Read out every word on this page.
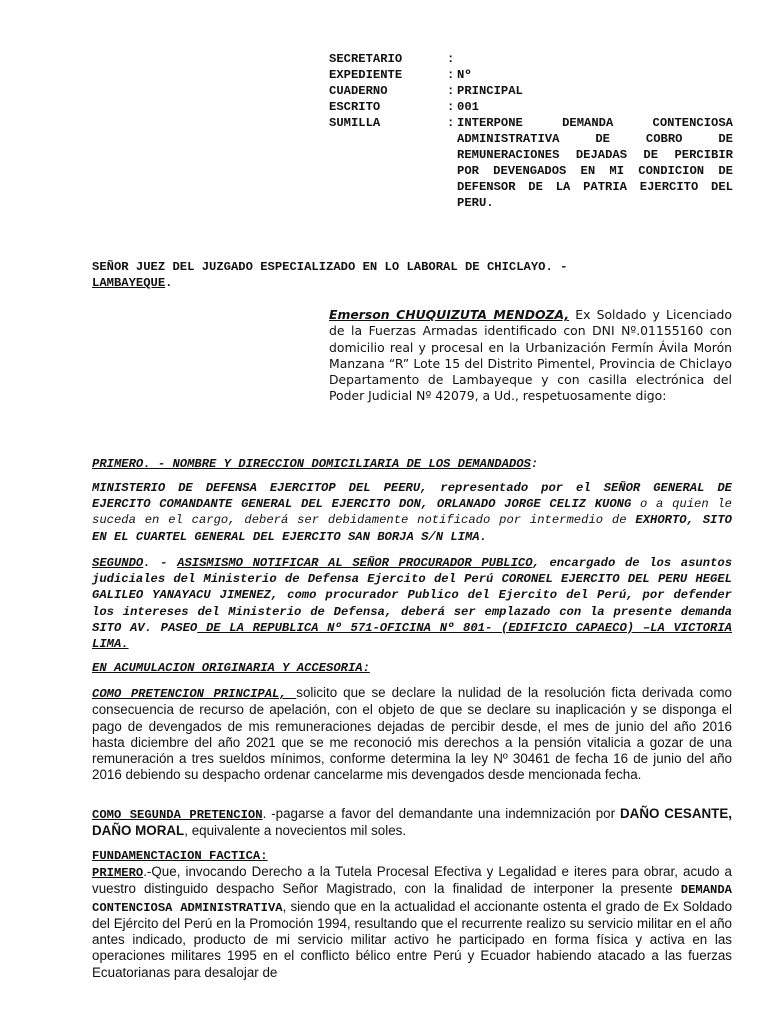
SECRETARIO	:
EXPEDIENTE	: Nº
CUADERNO	: PRINCIPAL
ESCRITO	: 001
SUMILLA	: INTERPONE DEMANDA CONTENCIOSA ADMINISTRATIVA DE COBRO DE REMUNERACIONES DEJADAS DE PERCIBIR POR DEVENGADOS EN MI CONDICION DE DEFENSOR DE LA PATRIA EJERCITO DEL PERU.

SEÑOR JUEZ DEL JUZGADO ESPECIALIZADO EN LO LABORAL DE CHICLAYO. -
LAMBAYEQUE.

Emerson CHUQUIZUTA MENDOZA, Ex Soldado y Licenciado de la Fuerzas Armadas identificado con DNI Nº.01155160 con domicilio real y procesal en la Urbanización Fermín Ávila Morón Manzana “R” Lote 15 del Distrito Pimentel, Provincia de Chiclayo Departamento de Lambayeque y con casilla electrónica del Poder Judicial Nº 42079, a Ud., respetuosamente digo:

PRIMERO. - NOMBRE Y DIRECCION DOMICILIARIA DE LOS DEMANDADOS:

MINISTERIO DE DEFENSA EJERCITOP DEL PEERU, representado por el SEÑOR GENERAL DE EJERCITO COMANDANTE GENERAL DEL EJERCITO DON, ORLANADO JORGE CELIZ KUONG o a quien le suceda en el cargo, deberá ser debidamente notificado por intermedio de EXHORTO, SITO EN EL CUARTEL GENERAL DEL EJERCITO SAN BORJA S/N LIMA.

SEGUNDO. - ASISMISMO NOTIFICAR AL SEÑOR PROCURADOR PUBLICO, encargado de los asuntos judiciales del Ministerio de Defensa Ejercito del Perú CORONEL EJERCITO DEL PERU HEGEL GALILEO YANAYACU JIMENEZ, como procurador Publico del Ejercito del Perú, por defender los intereses del Ministerio de Defensa, deberá ser emplazado con la presente demanda SITO AV. PASEO DE LA REPUBLICA Nº 571-OFICINA Nº 801- (EDIFICIO CAPAECO) –LA VICTORIA LIMA.

EN ACUMULACION ORIGINARIA Y ACCESORIA:

COMO PRETENCION PRINCIPAL, solicito que se declare la nulidad de la resolución ficta derivada como consecuencia de recurso de apelación, con el objeto de que se declare su inaplicación y se disponga el pago de devengados de mis remuneraciones dejadas de percibir desde, el mes de junio del año 2016 hasta diciembre del año 2021 que se me reconoció mis derechos a la pensión vitalicia a gozar de una remuneración a tres sueldos mínimos, conforme determina la ley Nº 30461 de fecha 16 de junio del año 2016 debiendo su despacho ordenar cancelarme mis devengados desde mencionada fecha.

COMO SEGUNDA PRETENCION. -pagarse a favor del demandante una indemnización por DAÑO CESANTE, DAÑO MORAL, equivalente a novecientos mil soles.

FUNDAMENCTACION FACTICA:

PRIMERO.-Que, invocando Derecho a la Tutela Procesal Efectiva y Legalidad e iteres para obrar, acudo a vuestro distinguido despacho Señor Magistrado, con la finalidad de interponer la presente DEMANDA CONTENCIOSA ADMINISTRATIVA, siendo que en la actualidad el accionante ostenta el grado de Ex Soldado del Ejército del Perú en la Promoción 1994, resultando que el recurrente realizo su servicio militar en el año antes indicado, producto de mi servicio militar activo he participado en forma física y activa en las operaciones militares 1995 en el conflicto bélico entre Perú y Ecuador habiendo atacado a las fuerzas Ecuatorianas para desalojar de
